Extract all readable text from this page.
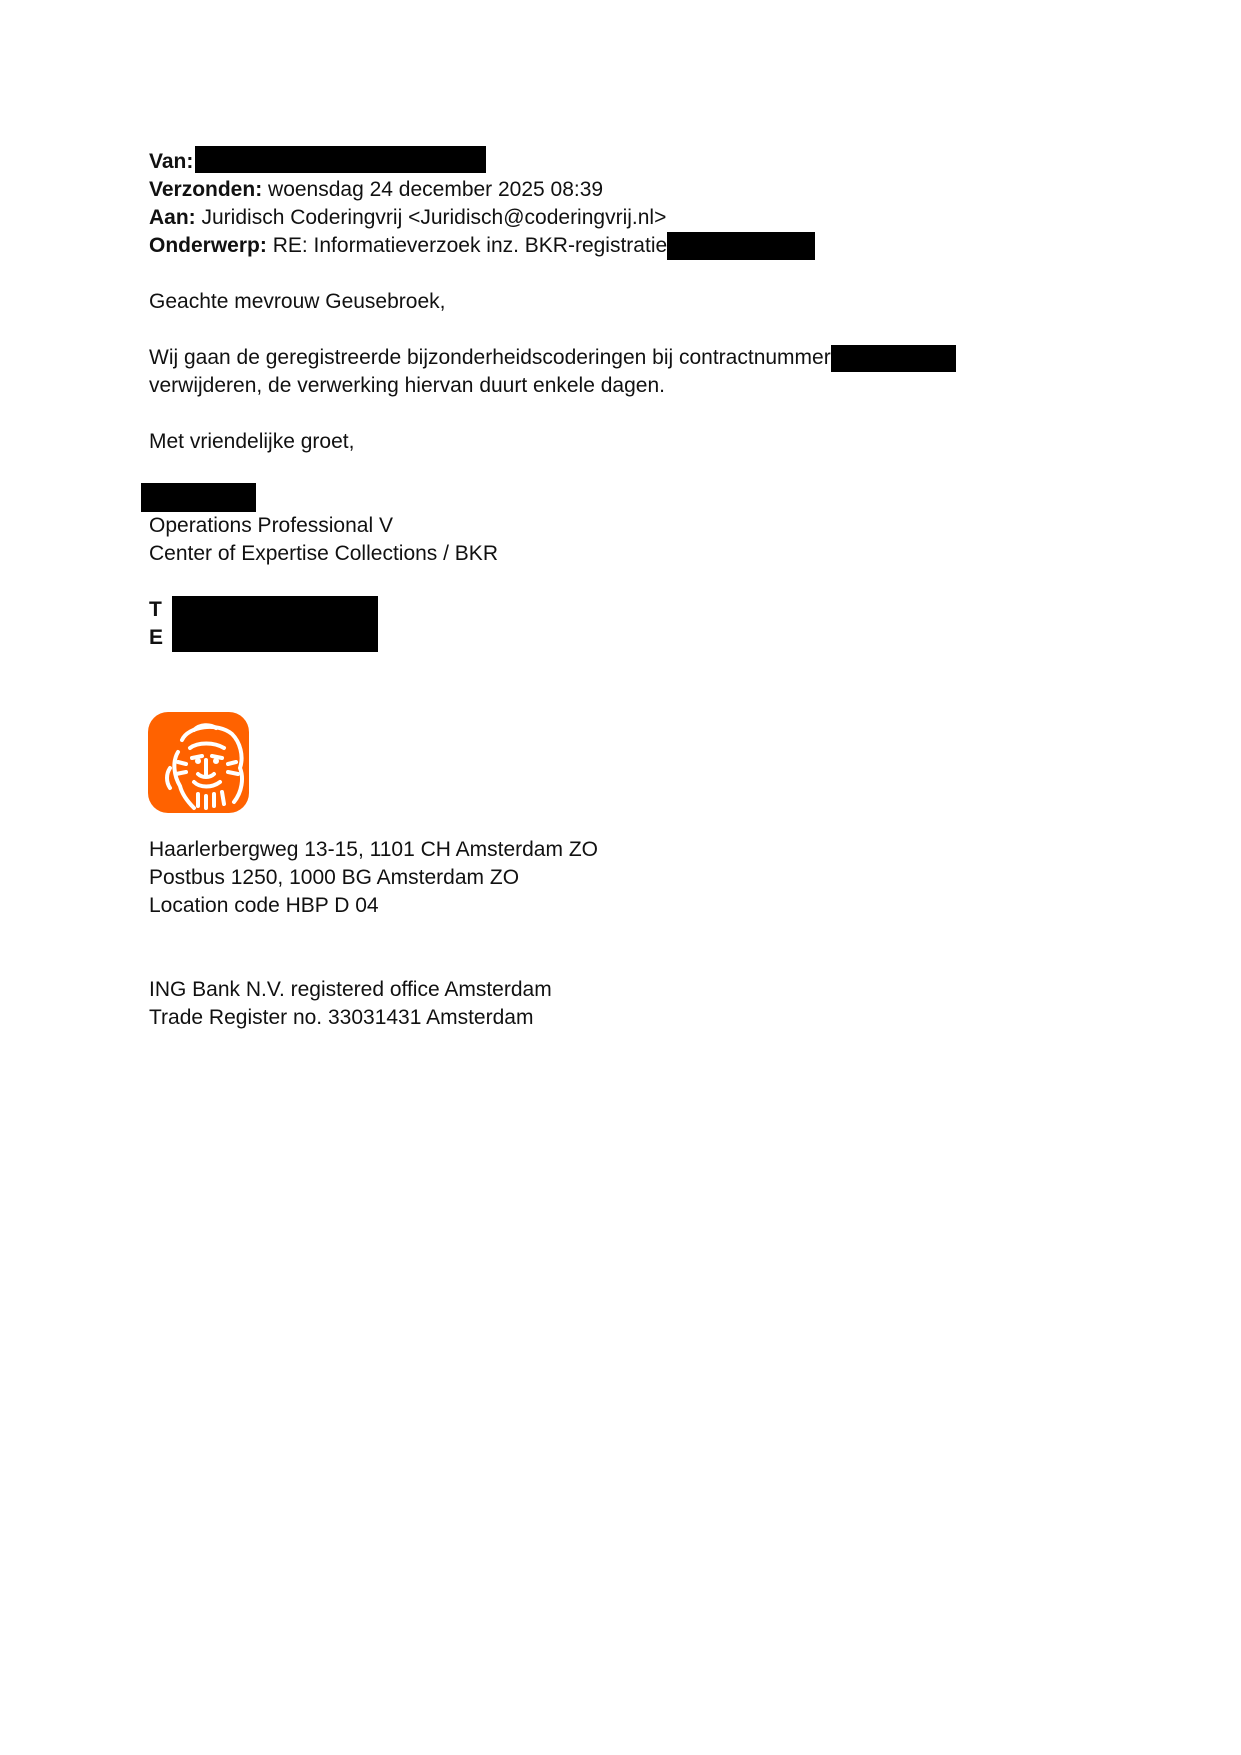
Van:
Verzonden: woensdag 24 december 2025 08:39
Aan: Juridisch Coderingvrij <Juridisch@coderingvrij.nl>
Onderwerp: RE: Informatieverzoek inz. BKR-registratie
Geachte mevrouw Geusebroek,
Wij gaan de geregistreerde bijzonderheidscoderingen bij contractnummer
verwijderen, de verwerking hiervan duurt enkele dagen.
Met vriendelijke groet,
Operations Professional V
Center of Expertise Collections / BKR
T
E
Haarlerbergweg 13-15, 1101 CH Amsterdam ZO
Postbus 1250, 1000 BG Amsterdam ZO
Location code HBP D 04
ING Bank N.V. registered office Amsterdam
Trade Register no. 33031431 Amsterdam
